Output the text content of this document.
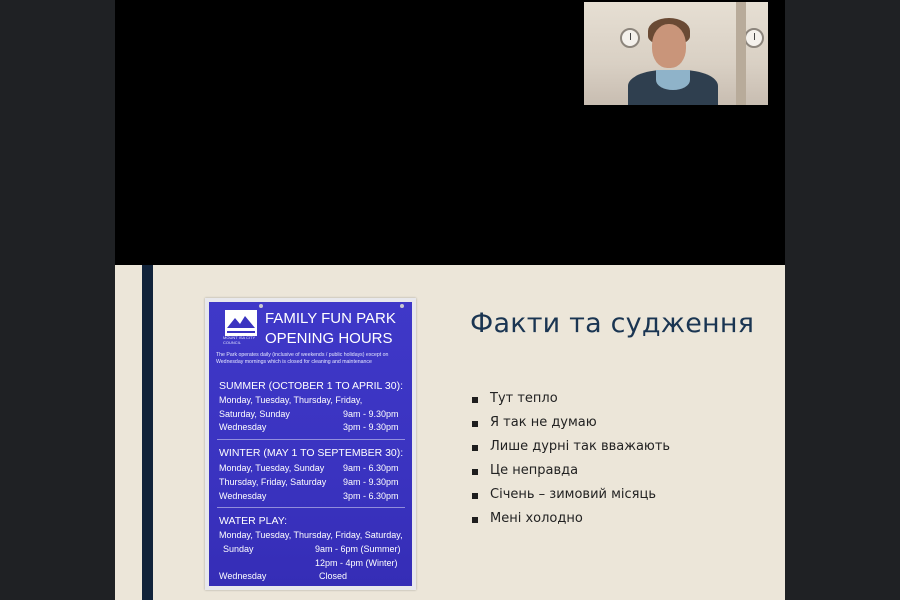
MOUNT ISA CITY COUNCIL
FAMILY FUN PARK
OPENING HOURS
The Park operates daily (inclusive of weekends / public holidays) except on Wednesday mornings which is closed for cleaning and maintenance
SUMMER (OCTOBER 1 TO APRIL 30):
Monday, Tuesday, Thursday, Friday,
Saturday, Sunday	9am - 9.30pm
Wednesday	3pm - 9.30pm
WINTER (MAY 1 TO SEPTEMBER 30):
Monday, Tuesday, Sunday 9am - 6.30pm
Thursday, Friday, Saturday 9am - 9.30pm
Wednesday	3pm - 6.30pm
WATER PLAY:
Monday, Tuesday, Thursday, Friday, Saturday,
Sunday	9am - 6pm (Summer)
12pm - 4pm (Winter)
Wednesday	Closed
Факти та судження
Тут тепло
Я так не думаю
Лише дурні так вважають
Це неправда
Січень – зимовий місяць
Мені холодно
